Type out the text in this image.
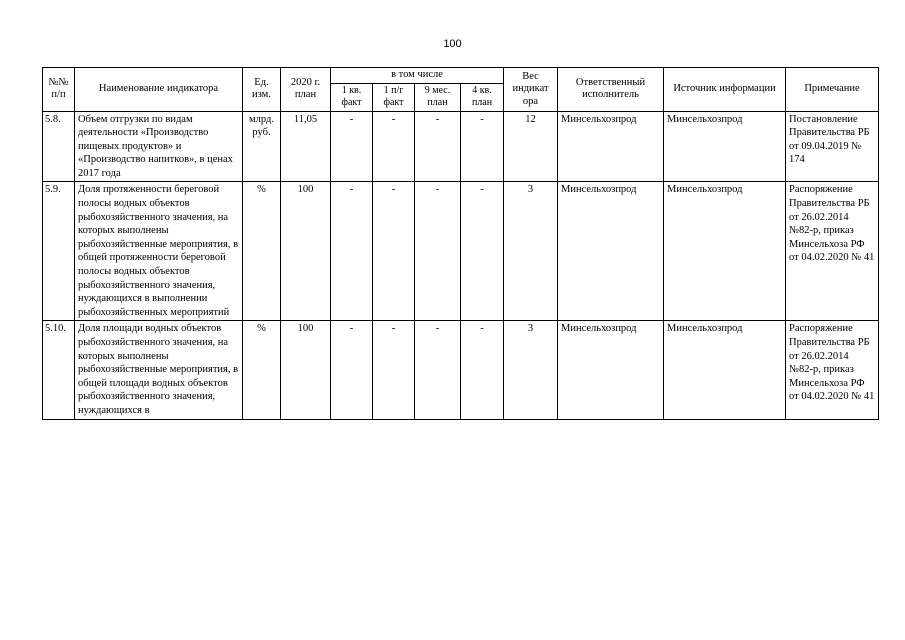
100
№№ п/п	Наименование индикатора	Ед. изм.	2020 г. план	в том числе				Вес индикат ора	Ответственный исполнитель	Источник информации	Примечание
				1 кв. факт	1 п/г факт	9 мес. план	4 кв. план				
5.8.	Объем отгрузки по видам деятельности «Производство пищевых продуктов» и «Производство напитков», в ценах 2017 года	млрд. руб.	11,05	-	-	-	-	12	Минсельхозпрод	Минсельхозпрод	Постановление Правительства РБ от 09.04.2019 № 174
5.9.	Доля протяженности береговой полосы водных объектов рыбохозяйственного значения, на которых выполнены рыбохозяйственные мероприятия, в общей протяженности береговой полосы водных объектов рыбохозяйственного значения, нуждающихся в выполнении рыбохозяйственных мероприятий	%	100	-	-	-	-	3	Минсельхозпрод	Минсельхозпрод	Распоряжение Правительства РБ от 26.02.2014 №82-р, приказ Минсельхоза РФ от 04.02.2020 № 41
5.10.	Доля площади водных объектов рыбохозяйственного значения, на которых выполнены рыбохозяйственные мероприятия, в общей площади водных объектов рыбохозяйственного значения, нуждающихся в	%	100	-	-	-	-	3	Минсельхозпрод	Минсельхозпрод	Распоряжение Правительства РБ от 26.02.2014 №82-р, приказ Минсельхоза РФ от 04.02.2020 № 41
